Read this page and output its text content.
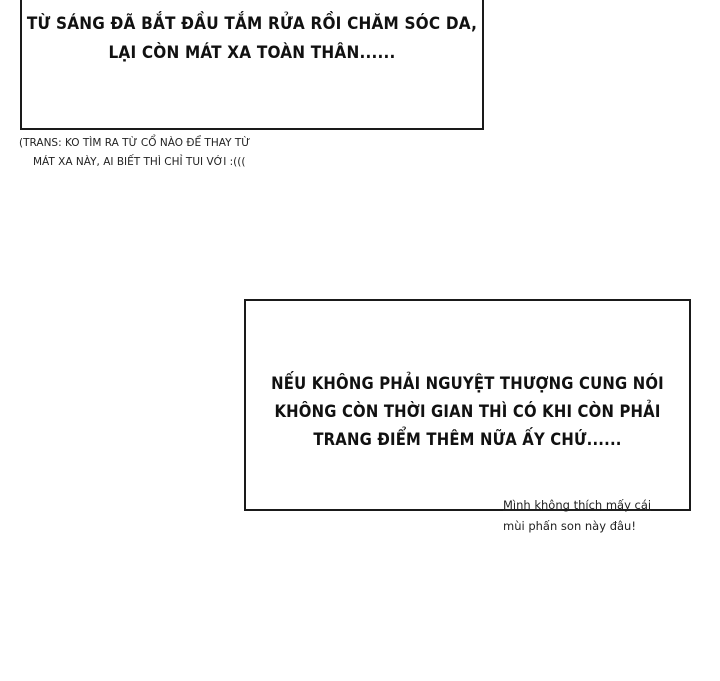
TỪ SÁNG ĐÃ BẮT ĐẦU TẮM RỬA RỒI CHĂM SÓC DA,
LẠI CÒN MÁT XA TOÀN THÂN......
(TRANS: KO TÌM RA TỪ CỔ NÀO ĐỂ THAY TỪ
MÁT XA NÀY, AI BIẾT THÌ CHỈ TUI VỚI :(((
NẾU KHÔNG PHẢI NGUYỆT THƯỢNG CUNG NÓI
KHÔNG CÒN THỜI GIAN THÌ CÓ KHI CÒN PHẢI
TRANG ĐIỂM THÊM NỮA ẤY CHỨ......
Mình không thích mấy cái
mùi phấn son này đâu!
